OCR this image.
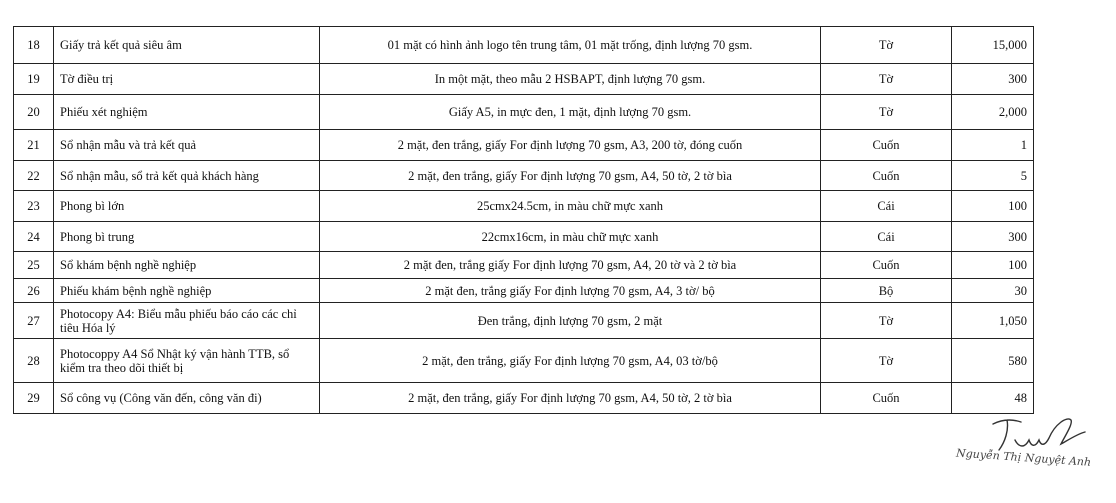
18	Giấy trả kết quả siêu âm	01 mặt có hình ảnh logo tên trung tâm, 01 mặt trống, định lượng 70 gsm.	Tờ	15,000
19	Tờ điều trị	In một mặt, theo mẫu 2 HSBAPT, định lượng 70 gsm.	Tờ	300
20	Phiếu xét nghiệm	Giấy A5, in mực đen, 1 mặt, định lượng 70 gsm.	Tờ	2,000
21	Sổ nhận mẫu và trả kết quả	2 mặt, đen trắng, giấy For định lượng 70 gsm, A3, 200 tờ, đóng cuốn	Cuốn	1
22	Sổ nhận mẫu, sổ trả kết quả khách hàng	2 mặt, đen trắng, giấy For định lượng 70 gsm, A4, 50 tờ, 2 tờ bìa	Cuốn	5
23	Phong bì lớn	25cmx24.5cm, in màu chữ mực xanh	Cái	100
24	Phong bì trung	22cmx16cm, in màu chữ mực xanh	Cái	300
25	Sổ khám bệnh nghề nghiệp	2 mặt đen, trắng giấy For định lượng 70 gsm, A4, 20 tờ và 2 tờ bìa	Cuốn	100
26	Phiếu khám bệnh nghề nghiệp	2 mặt đen, trắng giấy For định lượng 70 gsm, A4, 3 tờ/ bộ	Bộ	30
27	Photocopy A4: Biểu mẫu phiếu báo cáo các chỉ tiêu Hóa lý	Đen trắng, định lượng 70 gsm, 2 mặt	Tờ	1,050
28	Photocoppy A4 Sổ Nhật ký vận hành TTB, sổ kiểm tra theo dõi thiết bị	2 mặt, đen trắng, giấy For định lượng 70 gsm, A4, 03 tờ/bộ	Tờ	580
29	Sổ công vụ (Công văn đến, công văn đi)	2 mặt, đen trắng, giấy For định lượng 70 gsm, A4, 50 tờ, 2 tờ bìa	Cuốn	48
Nguyễn Thị Nguyệt Anh
